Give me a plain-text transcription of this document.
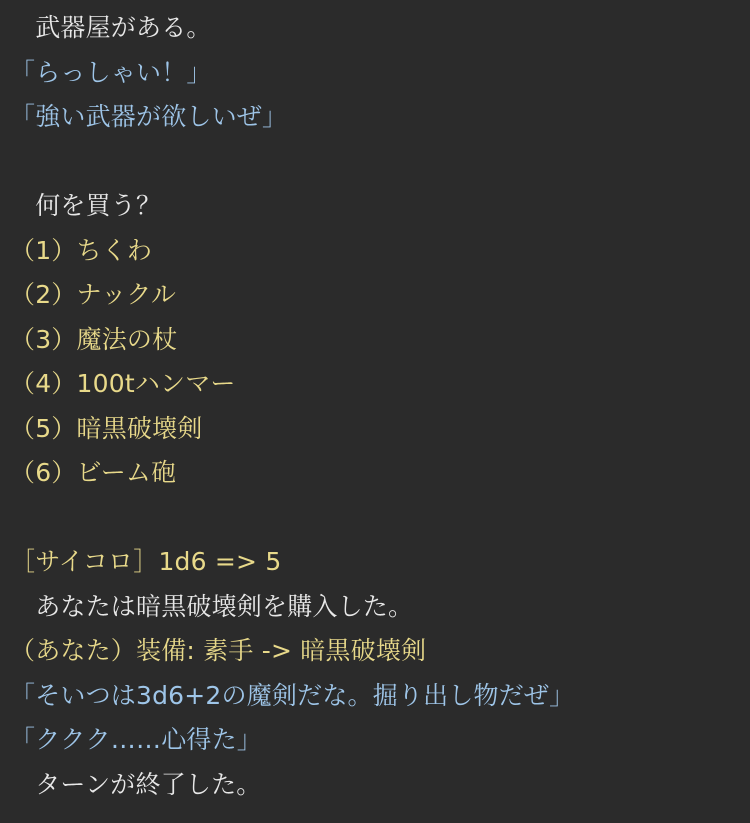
　武器屋がある。
「らっしゃい！」
「強い武器が欲しいぜ」
　何を買う？
（1）ちくわ
（2）ナックル
（3）魔法の杖
（4）100tハンマー
（5）暗黒破壊剣
（6）ビーム砲
［サイコロ］1d6 => 5
　あなたは暗黒破壊剣を購入した。
（あなた）装備: 素手 -> 暗黒破壊剣
「そいつは3d6+2の魔剣だな。掘り出し物だぜ」
「ククク……心得た」
　ターンが終了した。
